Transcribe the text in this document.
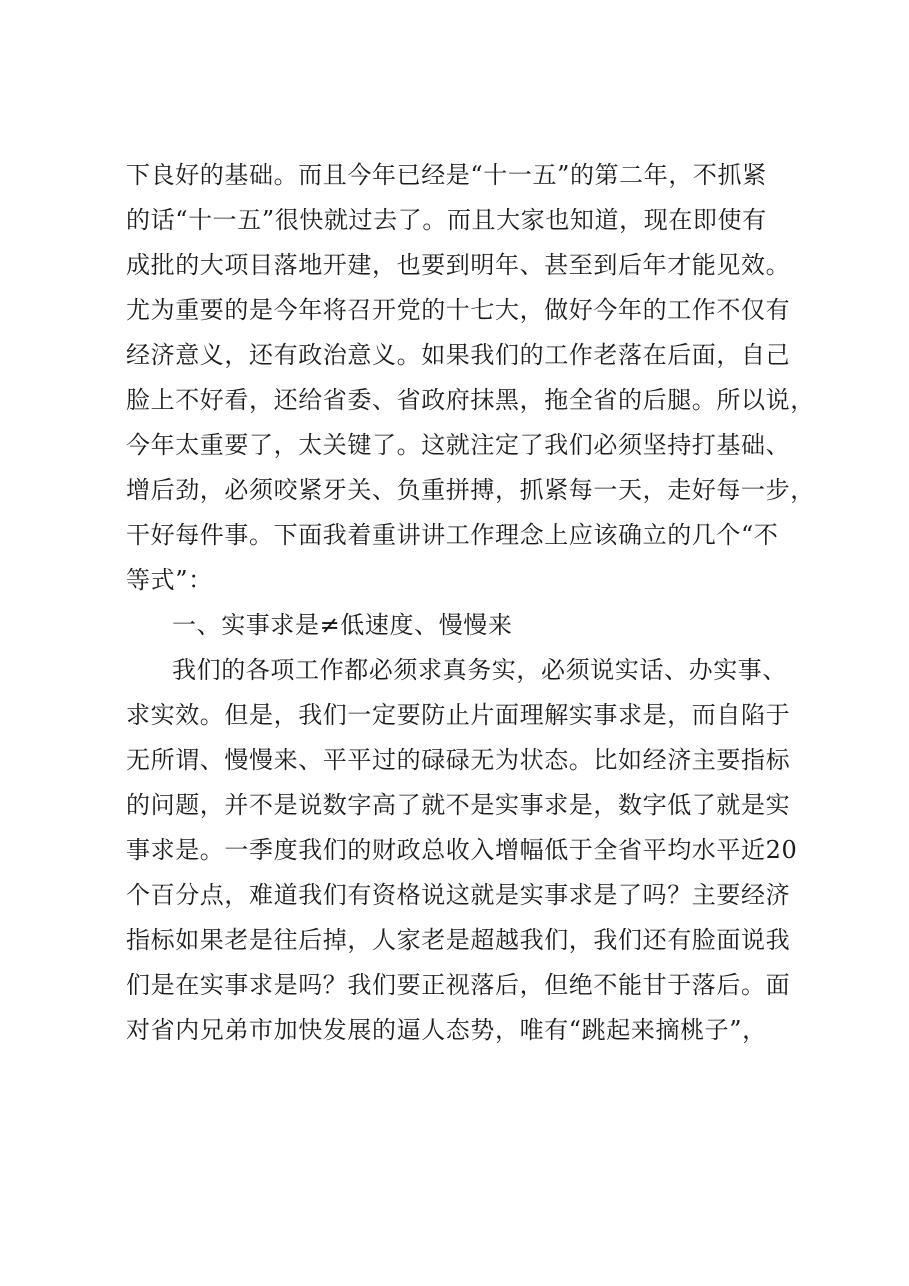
下良好的基础。而且今年已经是“十一五”的第二年，不抓紧
的话“十一五”很快就过去了。而且大家也知道，现在即使有
成批的大项目落地开建，也要到明年、甚至到后年才能见效。
尤为重要的是今年将召开党的十七大，做好今年的工作不仅有
经济意义，还有政治意义。如果我们的工作老落在后面，自己
脸上不好看，还给省委、省政府抹黑，拖全省的后腿。所以说，
今年太重要了，太关键了。这就注定了我们必须坚持打基础、
增后劲，必须咬紧牙关、负重拼搏，抓紧每一天，走好每一步，
干好每件事。下面我着重讲讲工作理念上应该确立的几个“不
等式”：
一、实事求是≠低速度、慢慢来
我们的各项工作都必须求真务实，必须说实话、办实事、
求实效。但是，我们一定要防止片面理解实事求是，而自陷于
无所谓、慢慢来、平平过的碌碌无为状态。比如经济主要指标
的问题，并不是说数字高了就不是实事求是，数字低了就是实
事求是。一季度我们的财政总收入增幅低于全省平均水平近20
个百分点，难道我们有资格说这就是实事求是了吗？主要经济
指标如果老是往后掉，人家老是超越我们，我们还有脸面说我
们是在实事求是吗？我们要正视落后，但绝不能甘于落后。面
对省内兄弟市加快发展的逼人态势，唯有“跳起来摘桃子”，
